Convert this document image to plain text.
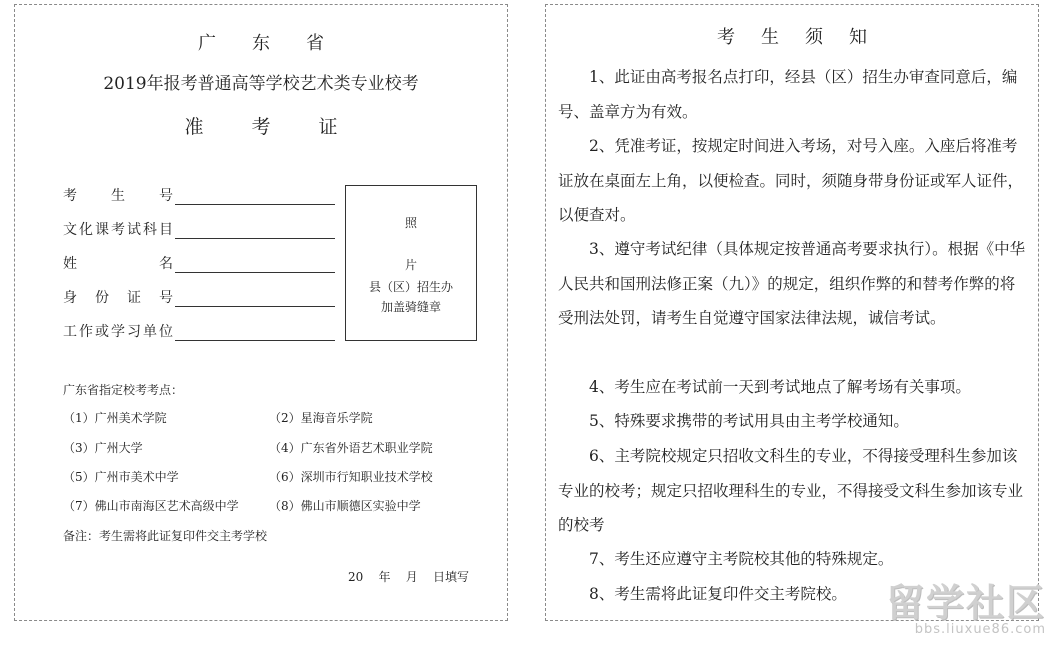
广东省
2019年报考普通高等学校艺术类专业校考
准考证
考 生 号
文 化 课 考 试 科 目
姓	名
身 份 证 号
工 作 或 学 习 单 位
照
片
县（区）招生办
加盖骑缝章
广东省指定校考考点：
（1）广州美术学院	（2）星海音乐学院
（3）广州大学	（4）广东省外语艺术职业学院
（5）广州市美术中学	（6）深圳市行知职业技术学校
（7）佛山市南海区艺术高级中学	（8）佛山市顺德区实验中学
备注：考生需将此证复印件交主考学校
20    年    月    日填写
考生须知
1、此证由高考报名点打印，经县（区）招生办审查同意后，编号、盖章方为有效。
2、凭准考证，按规定时间进入考场，对号入座。入座后将准考证放在桌面左上角，以便检查。同时，须随身带身份证或军人证件，以便查对。
3、遵守考试纪律（具体规定按普通高考要求执行）。根据《中华人民共和国刑法修正案（九）》的规定，组织作弊的和替考作弊的将受刑法处罚，请考生自觉遵守国家法律法规，诚信考试。
4、考生应在考试前一天到考试地点了解考场有关事项。
5、特殊要求携带的考试用具由主考学校通知。
6、主考院校规定只招收文科生的专业，不得接受理科生参加该专业的校考；规定只招收理科生的专业，不得接受文科生参加该专业的校考
7、考生还应遵守主考院校其他的特殊规定。
8、考生需将此证复印件交主考院校。	留学社区
bbs.liuxue86.com
